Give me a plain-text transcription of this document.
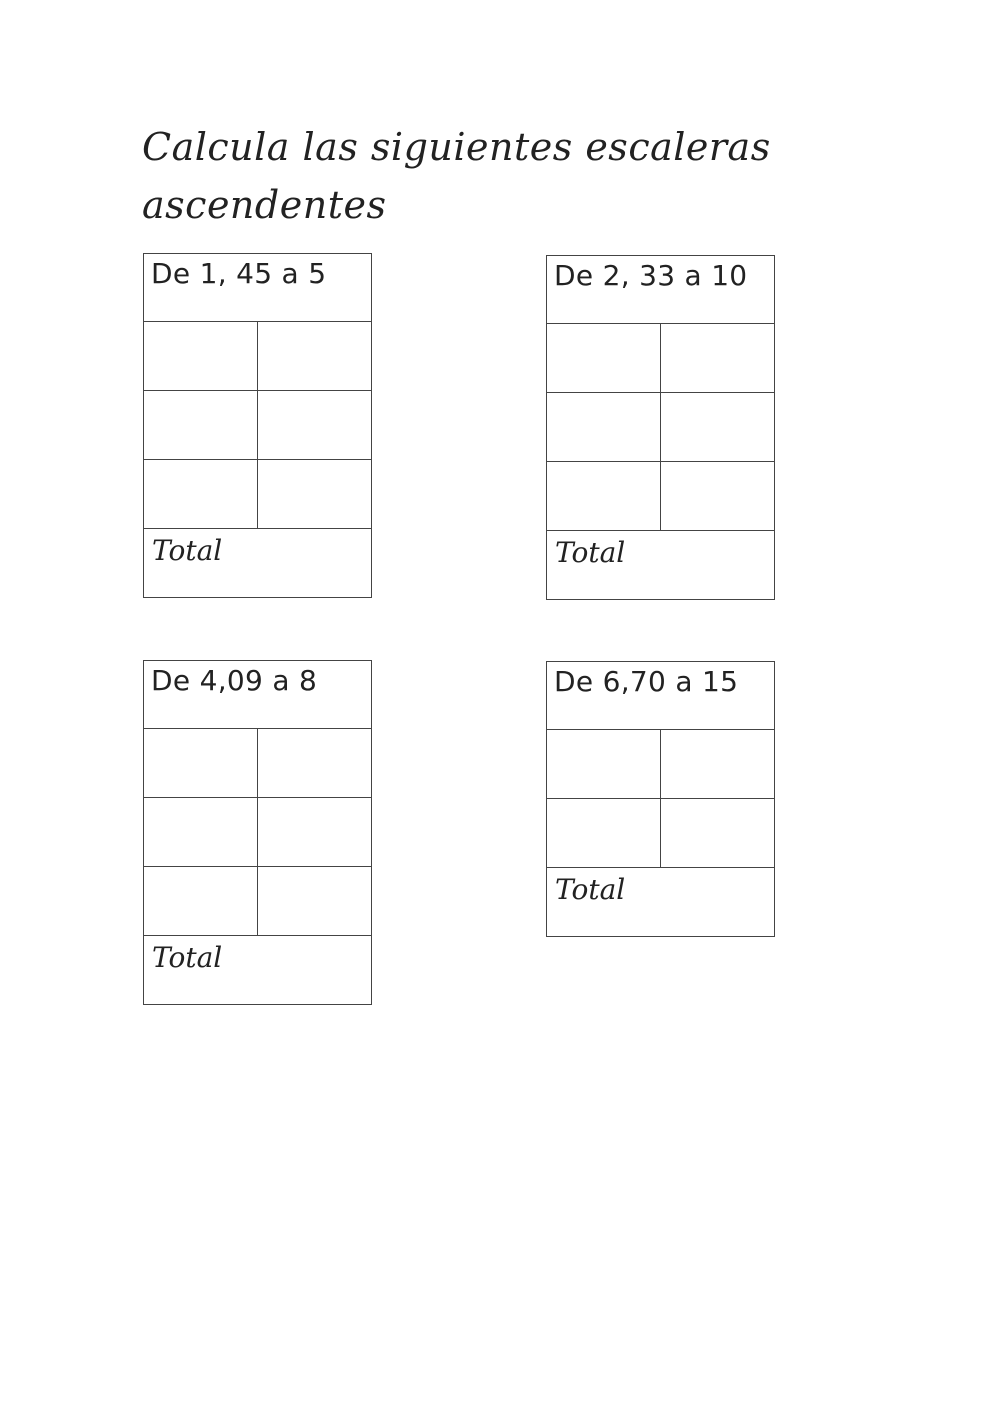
Calcula las siguientes escaleras
ascendentes
De 1, 45 a 5
Total
De 2, 33 a 10
Total
De 4,09 a 8
Total
De 6,70 a 15
Total
